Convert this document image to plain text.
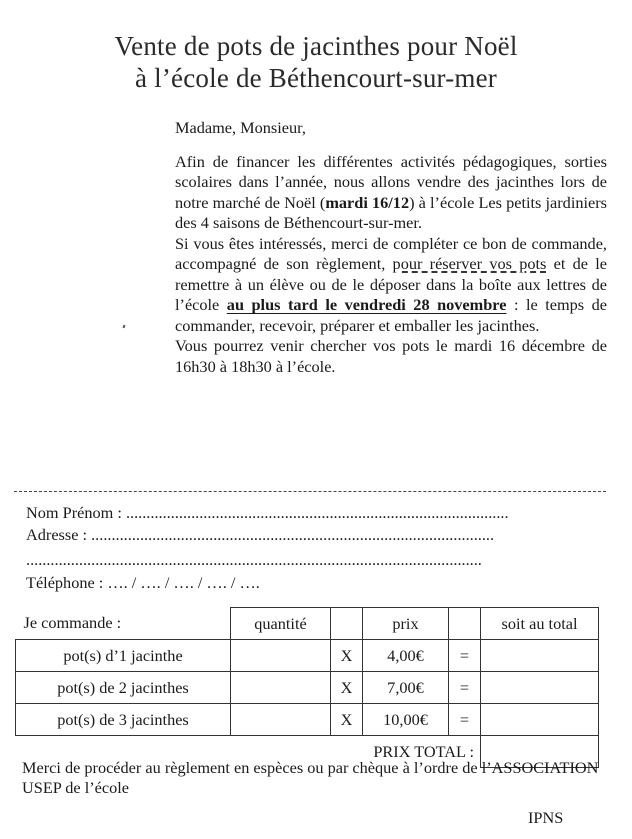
Vente de pots de jacinthes pour Noël
à l’école de Béthencourt-sur-mer

Madame, Monsieur,

Afin de financer les différentes activités pédagogiques, sorties scolaires dans l’année, nous allons vendre des jacinthes lors de notre marché de Noël (mardi 16/12) à l’école Les petits jardiniers des 4 saisons de Béthencourt-sur-mer.

Si vous êtes intéressés, merci de compléter ce bon de commande, accompagné de son règlement, pour réserver vos pots et de le remettre à un élève ou de le déposer dans la boîte aux lettres de l’école au plus tard le vendredi 28 novembre : le temps de commander, recevoir, préparer et emballer les jacinthes.

Vous pourrez venir chercher vos pots le mardi 16 décembre de 16h30 à 18h30 à l’école.

Nom Prénom : ..............................................................................................
Adresse : ...................................................................................................
................................................................................................................
Téléphone : …. / …. / …. / …. / ….
Je commande :	quantité		prix		soit au total
pot(s) d’1 jacinthe		X	4,00€	=	
pot(s) de 2 jacinthes		X	7,00€	=	
pot(s) de 3 jacinthes		X	10,00€	=	
		PRIX TOTAL :			
Merci de procéder au règlement en espèces ou par chèque à l’ordre de l’ASSOCIATION USEP de l’école
IPNS
